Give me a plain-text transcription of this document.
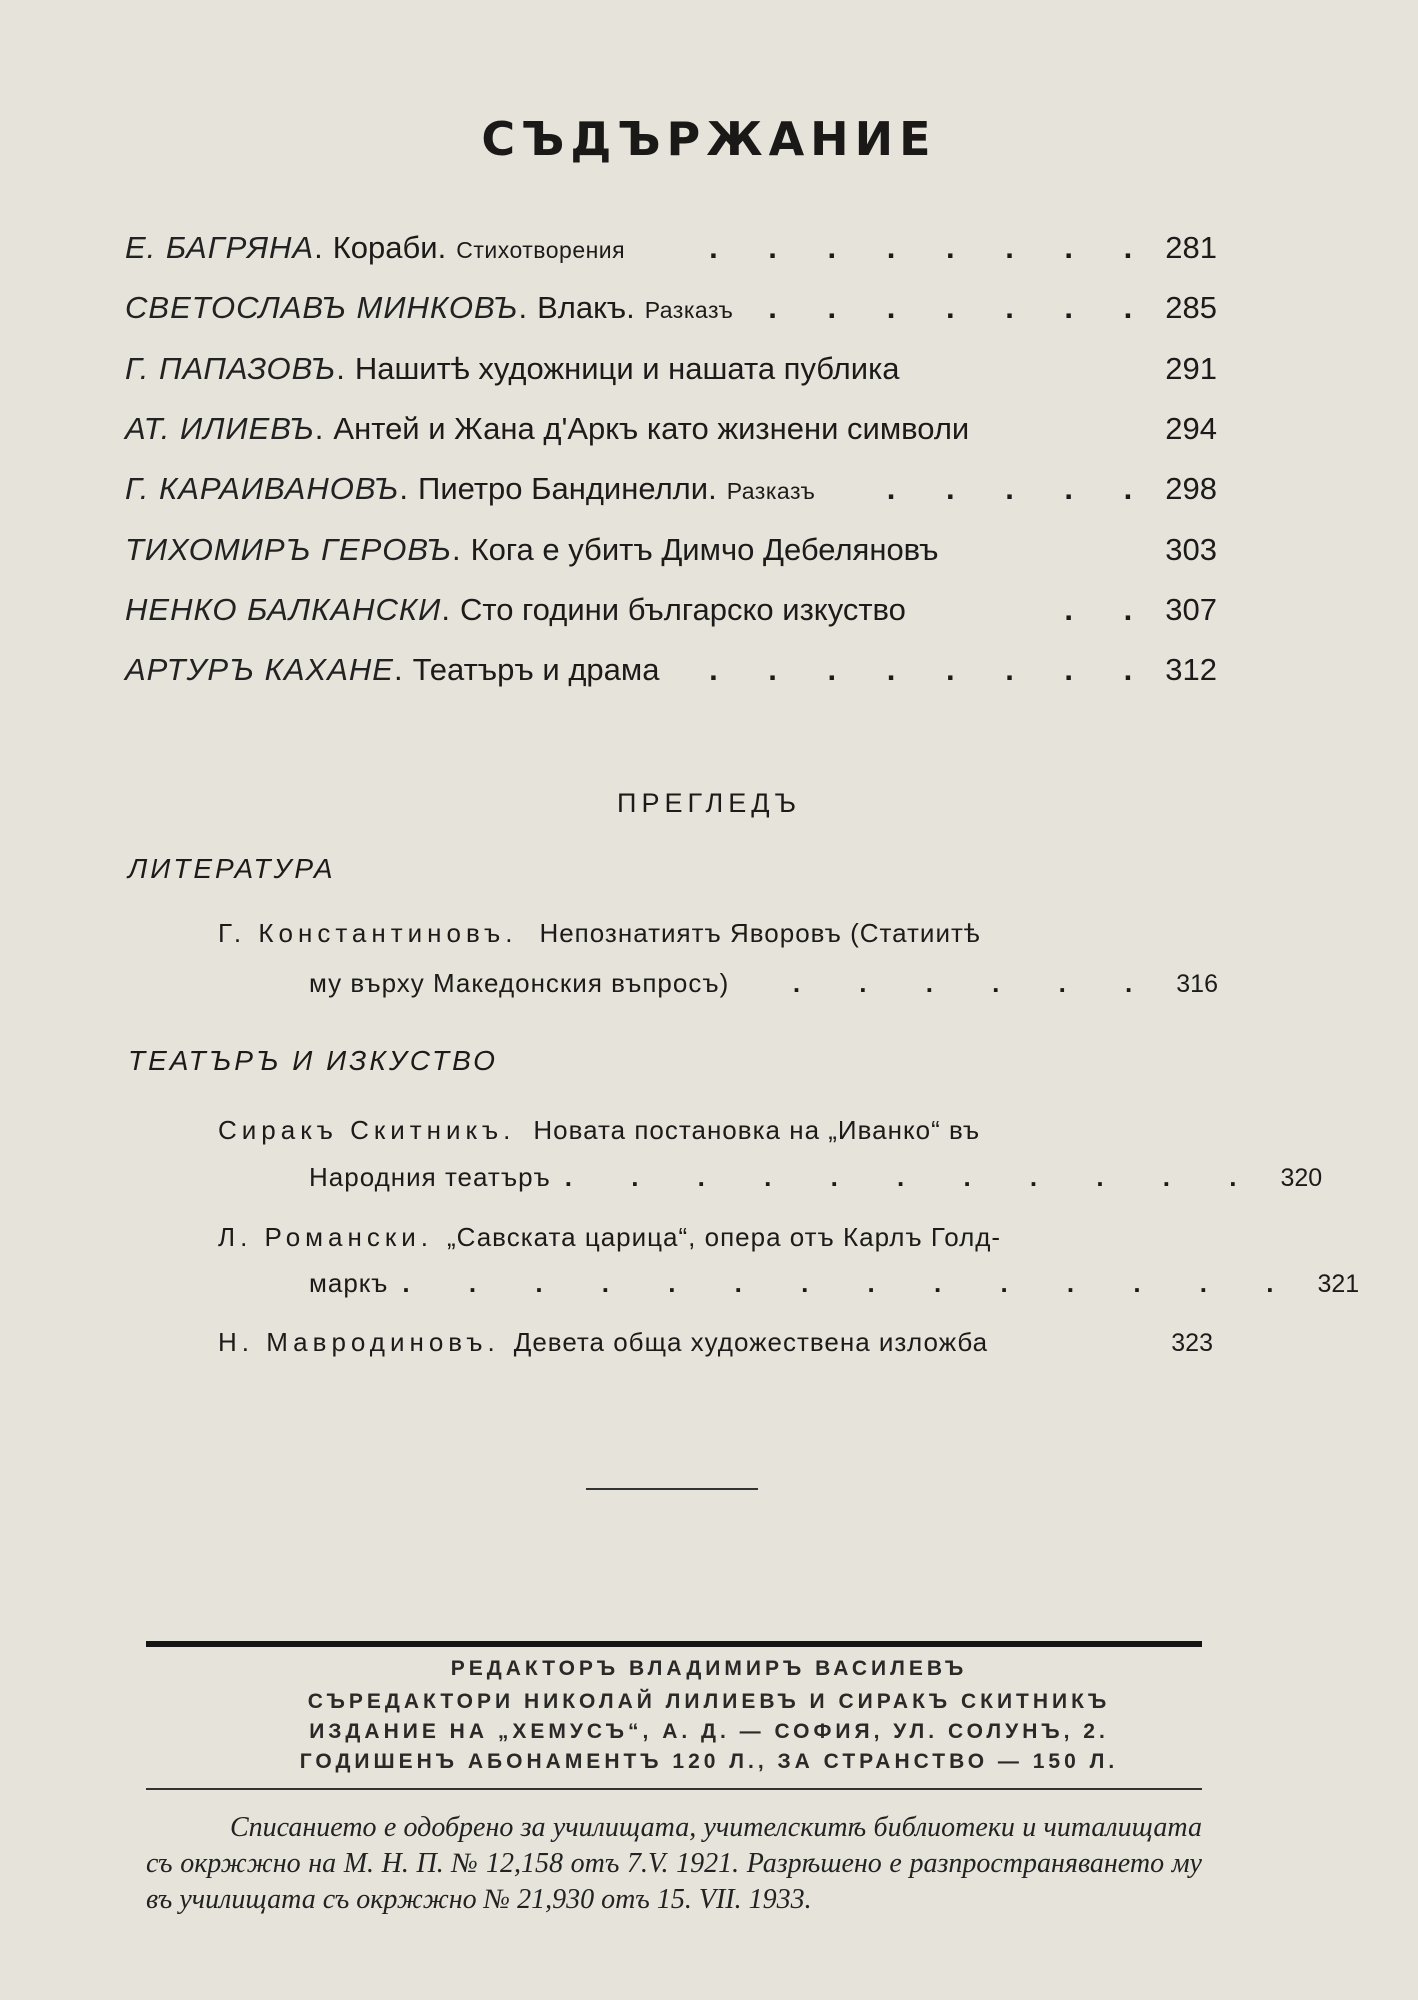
СЪДЪРЖАНИЕ
Е. БАГРЯНА . Кораби. Стихотворения	. . . . . . . . 281
СВЕТОСЛАВЪ МИНКОВЪ . Влакъ. Разказъ	. . . . . . . 285
Г. ПАПАЗОВЪ . Нашитѣ художници и нашата публика	291
АТ. ИЛИЕВЪ . Антей и Жана д'Аркъ като жизнени символи	294
Г. КАРАИВАНОВЪ . Пиетро Бандинелли. Разказъ	. . . . . 298
ТИХОМИРЪ ГЕРОВЪ . Кога е убитъ Димчо Дебеляновъ	303
НЕНКО БАЛКАНСКИ . Сто години българско изкуство	. . 307
АРТУРЪ КАХАНЕ . Театъръ и драма	. . . . . . . . 312
ПРЕГЛЕДЪ
ЛИТЕРАТУРА
Г. Константиновъ. Непознатиятъ Яворовъ (Статиитѣ
му върху Македонския въпросъ)	. . . . . . 316
ТЕАТЪРЪ И ИЗКУСТВО
Сиракъ Скитникъ. Новата постановка на „Иванко“ въ
Народния театъръ . . . . . . . . . . . 320
Л. Романски. „Савската царица“, опера отъ Карлъ Голд-
маркъ . . . . . . . . . . . . . . 321
Н. Мавродиновъ. Девета обща художествена изложба	323
РЕДАКТОРЪ ВЛАДИМИРЪ ВАСИЛЕВЪ
СЪРЕДАКТОРИ НИКОЛАЙ ЛИЛИЕВЪ И СИРАКЪ СКИТНИКЪ
ИЗДАНИЕ НА „ХЕМУСЪ“, А. Д. — СОФИЯ, УЛ. СОЛУНЪ, 2.
ГОДИШЕНЪ АБОНАМЕНТЪ 120 Л., ЗА СТРАНСТВО — 150 Л.
Списанието е одобрено за училищата, учителскитѣ библиотеки и читалищата съ окржжно на М. Н. П. № 12,158 отъ 7.V. 1921. Разрѣшено е разпространяването му въ училищата съ окржжно № 21,930 отъ 15. VII. 1933.
